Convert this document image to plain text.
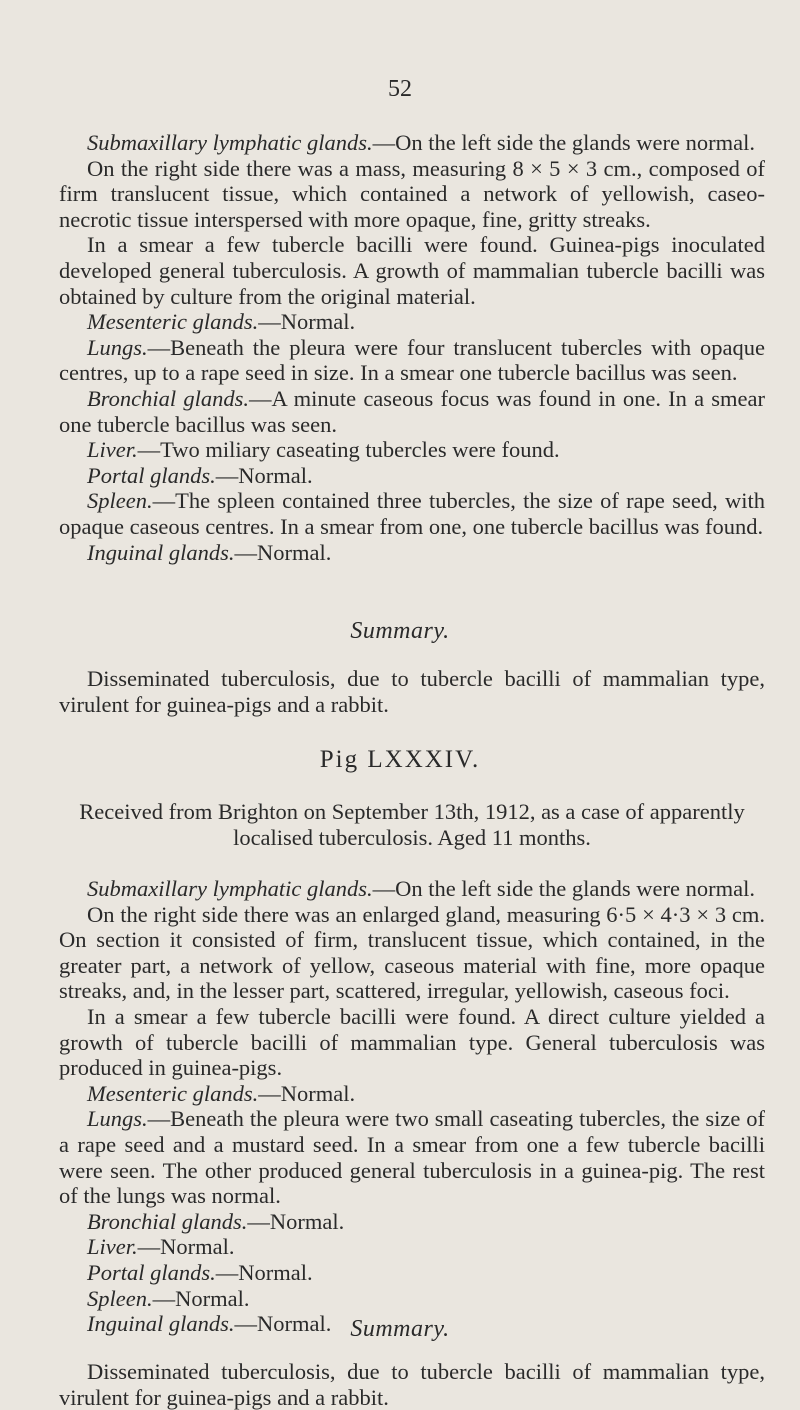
52

Submaxillary lymphatic glands.—On the left side the glands were normal.

On the right side there was a mass, measuring 8 × 5 × 3 cm., composed of firm translucent tissue, which contained a network of yellowish, caseo-necrotic tissue interspersed with more opaque, fine, gritty streaks.

In a smear a few tubercle bacilli were found. Guinea-pigs inoculated developed general tuberculosis. A growth of mammalian tubercle bacilli was obtained by culture from the original material.

Mesenteric glands.—Normal.

Lungs.—Beneath the pleura were four translucent tubercles with opaque centres, up to a rape seed in size. In a smear one tubercle bacillus was seen.

Bronchial glands.—A minute caseous focus was found in one. In a smear one tubercle bacillus was seen.

Liver.—Two miliary caseating tubercles were found.

Portal glands.—Normal.

Spleen.—The spleen contained three tubercles, the size of rape seed, with opaque caseous centres. In a smear from one, one tubercle bacillus was found.

Inguinal glands.—Normal.

Summary.

Disseminated tuberculosis, due to tubercle bacilli of mammalian type, virulent for guinea-pigs and a rabbit.

Pig LXXXIV.
Received from Brighton on September 13th, 1912, as a case of apparently localised tuberculosis. Aged 11 months.

Submaxillary lymphatic glands.—On the left side the glands were normal.

On the right side there was an enlarged gland, measuring 6·5 × 4·3 × 3 cm. On section it consisted of firm, translucent tissue, which contained, in the greater part, a network of yellow, caseous material with fine, more opaque streaks, and, in the lesser part, scattered, irregular, yellowish, caseous foci.

In a smear a few tubercle bacilli were found. A direct culture yielded a growth of tubercle bacilli of mammalian type. General tuberculosis was produced in guinea-pigs.

Mesenteric glands.—Normal.

Lungs.—Beneath the pleura were two small caseating tubercles, the size of a rape seed and a mustard seed. In a smear from one a few tubercle bacilli were seen. The other produced general tuberculosis in a guinea-pig. The rest of the lungs was normal.

Bronchial glands.—Normal.

Liver.—Normal.

Portal glands.—Normal.

Spleen.—Normal.

Inguinal glands.—Normal. Summary.

Disseminated tuberculosis, due to tubercle bacilli of mammalian type, virulent for guinea-pigs and a rabbit.
